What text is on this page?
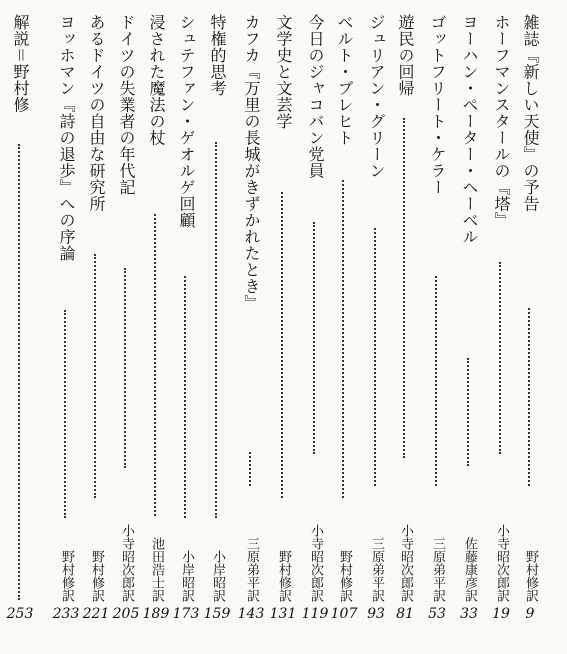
雑誌『新しい天使』の予告
野村修訳
9
ホーフマンスタールの『塔』
小寺昭次郎訳
19
ヨーハン・ペーター・ヘーベル
佐藤康彦訳
33
ゴットフリート・ケラー
三原弟平訳
53
遊民の回帰
小寺昭次郎訳
81
ジュリアン・グリーン
三原弟平訳
93
ベルト・ブレヒト
野村修訳
107
今日のジャコバン党員
小寺昭次郎訳
119
文学史と文芸学
野村修訳
131
カフカ『万里の長城がきずかれたとき』
三原弟平訳
143
特権的思考
小岸昭訳
159
シュテファン・ゲオルゲ回顧
小岸昭訳
173
浸された魔法の杖
池田浩士訳
189
ドイツの失業者の年代記
小寺昭次郎訳
205
あるドイツの自由な研究所
野村修訳
221
ヨッホマン『詩の退歩』への序論
野村修訳
233
解説＝野村修
253
